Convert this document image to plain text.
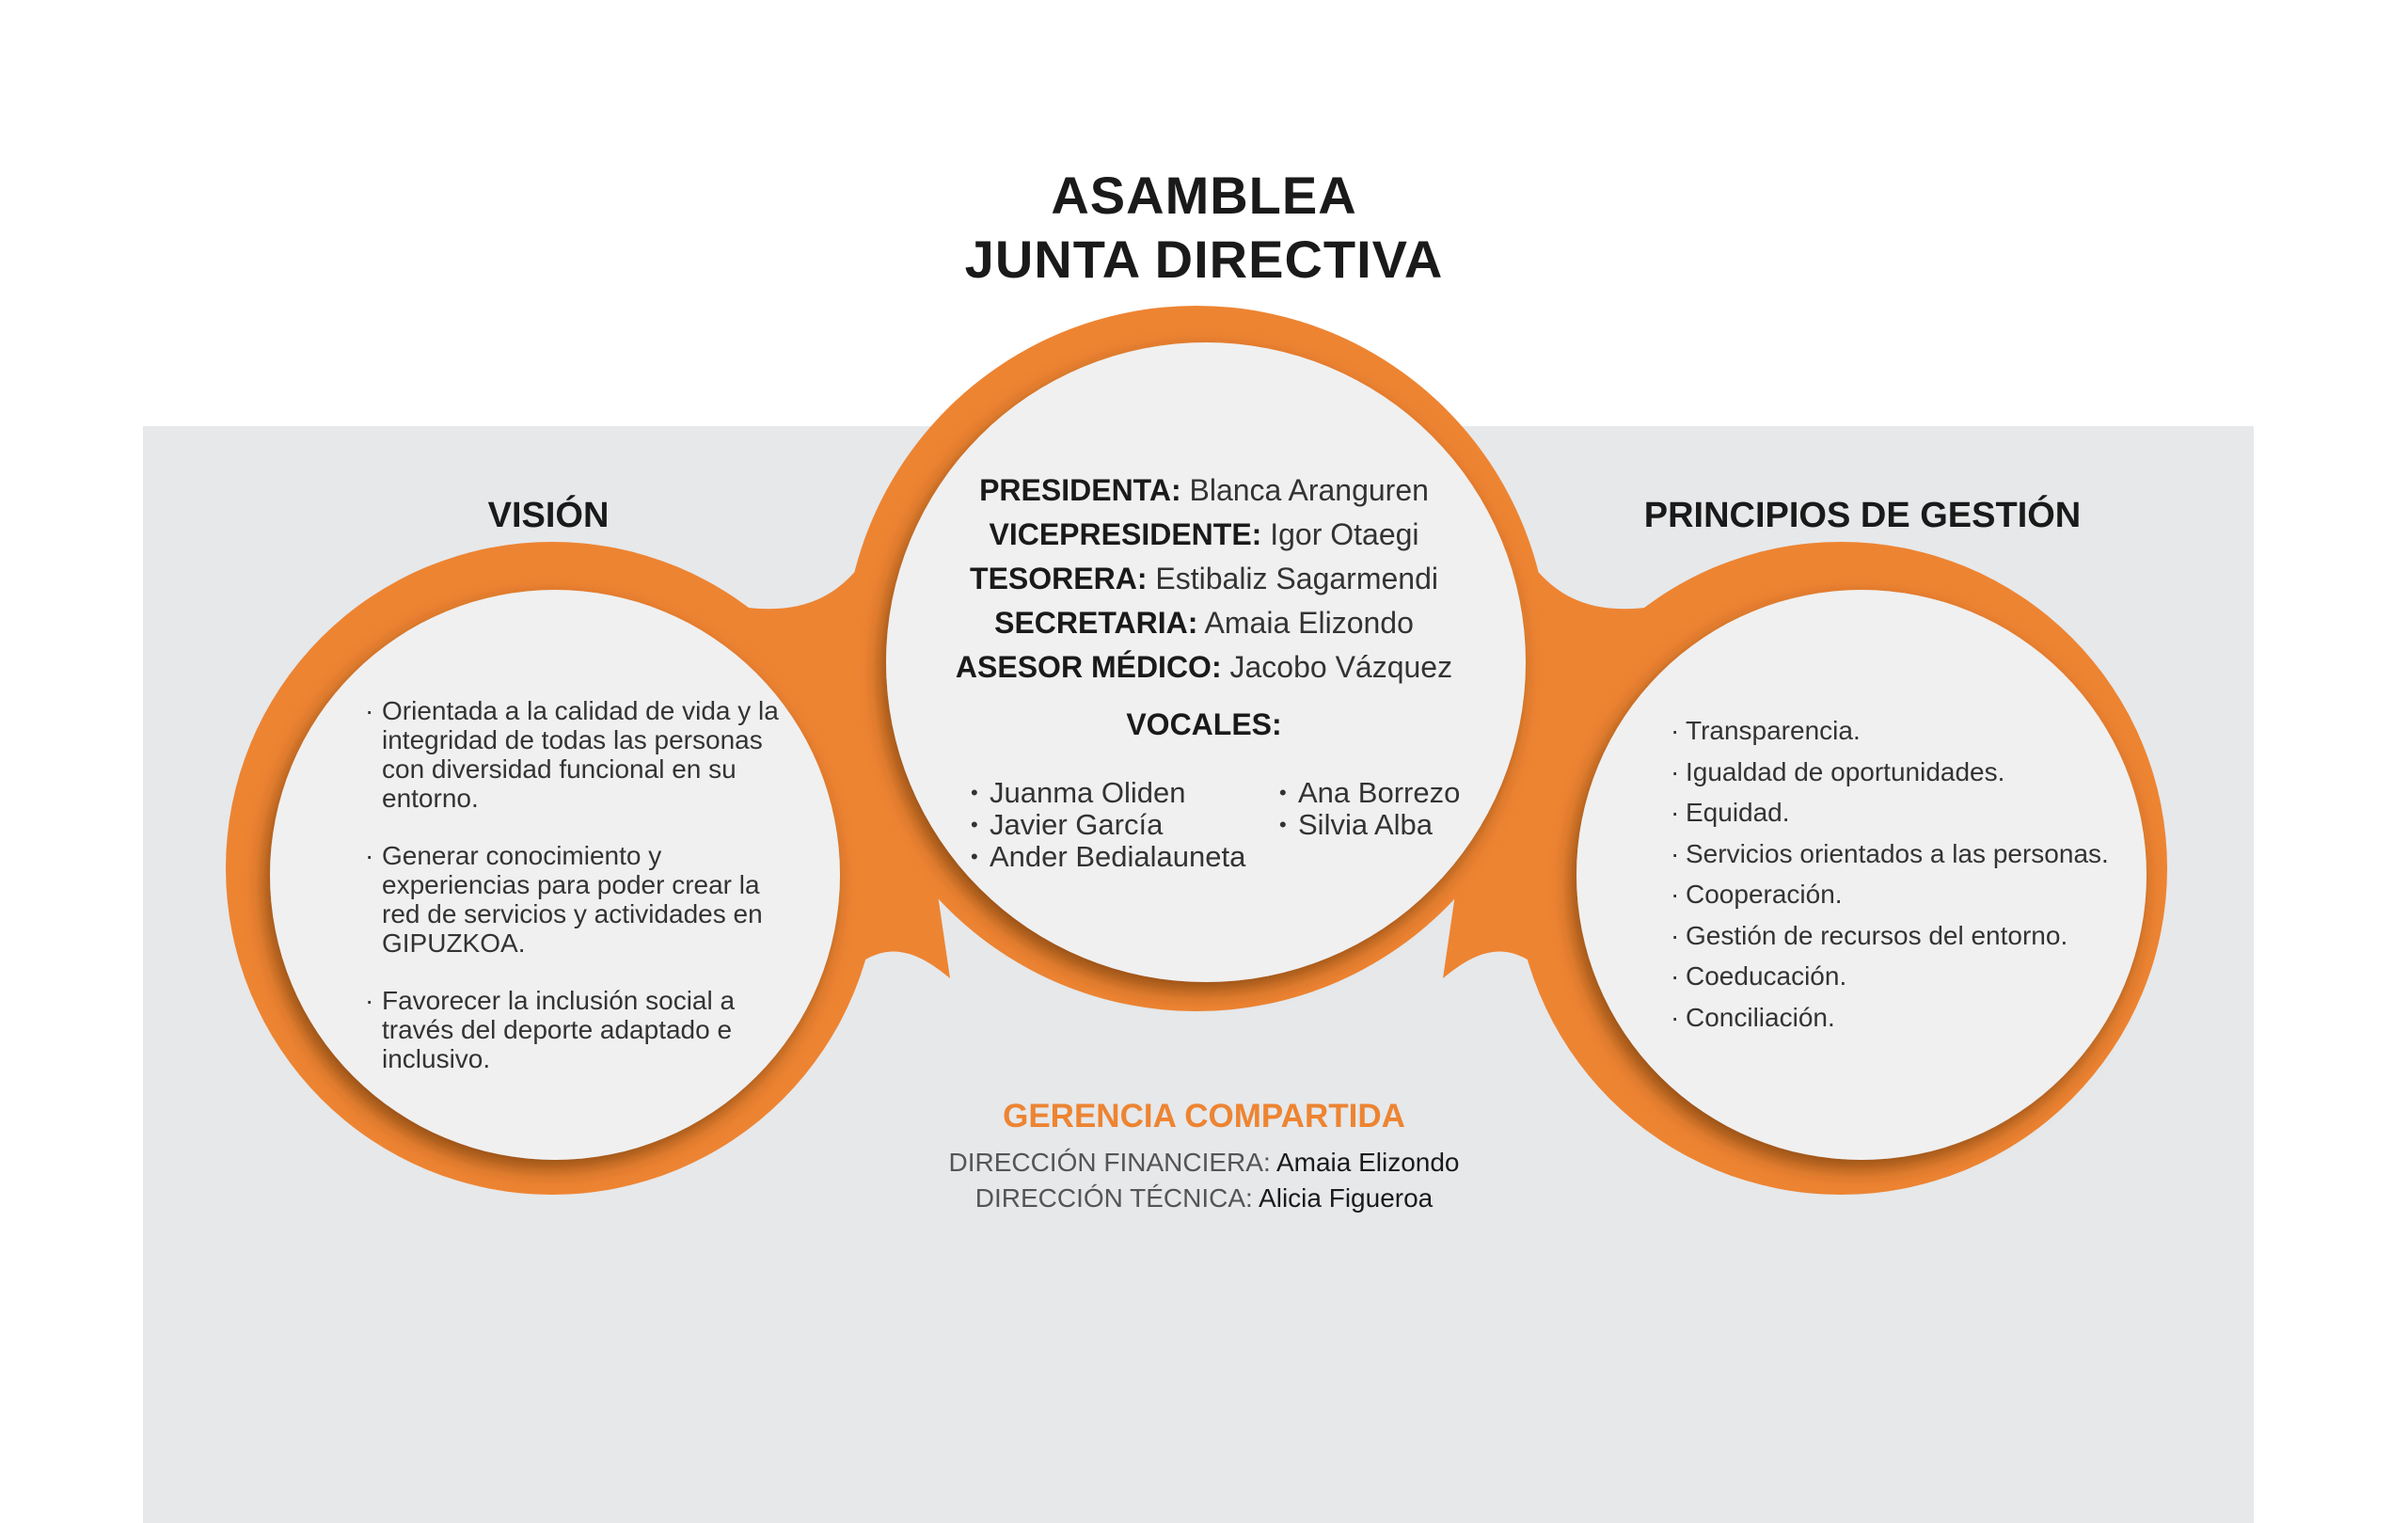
ASAMBLEA
JUNTA DIRECTIVA
VISIÓN	PRINCIPIOS DE GESTIÓN
· Orientada a la calidad de vida y la integridad de todas las personas con diversidad funcional en su entorno.
· Generar conocimiento y experiencias para poder crear la red de servicios y actividades en GIPUZKOA.
· Favorecer la inclusión social a través del deporte adaptado e inclusivo.
PRESIDENTA: Blanca Aranguren
VICEPRESIDENTE: Igor Otaegi
TESORERA: Estibaliz Sagarmendi
SECRETARIA: Amaia Elizondo
ASESOR MÉDICO: Jacobo Vázquez
VOCALES:
• Juanma Oliden
• Javier García
• Ander Bedialauneta
• Ana Borrezo
• Silvia Alba
· Transparencia.
· Igualdad de oportunidades.
· Equidad.
· Servicios orientados a las personas.
· Cooperación.
· Gestión de recursos del entorno.
· Coeducación.
· Conciliación.
GERENCIA COMPARTIDA
DIRECCIÓN FINANCIERA: Amaia Elizondo
DIRECCIÓN TÉCNICA: Alicia Figueroa
